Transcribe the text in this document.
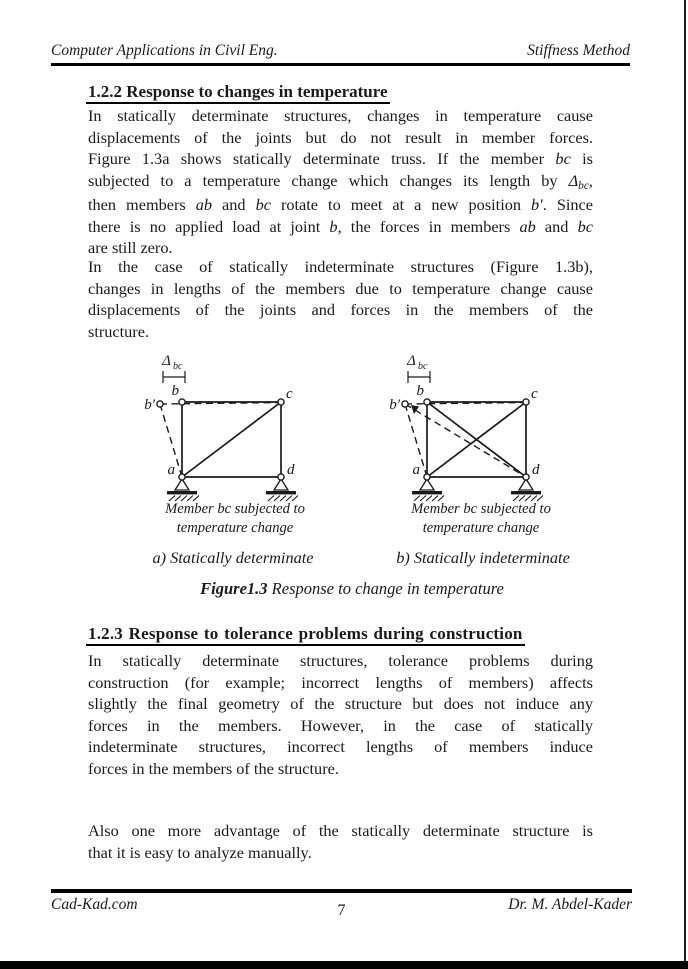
Computer Applications in Civil Eng.	Stiffness Method
1.2.2 Response to changes in temperature
In statically determinate structures, changes in temperature cause
displacements of the joints but do not result in member forces.
Figure 1.3a shows statically determinate truss. If the member bc is
subjected to a temperature change which changes its length by Δbc,
then members ab and bc rotate to meet at a new position b′. Since
there is no applied load at joint b, the forces in members ab and bc
are still zero.
In the case of statically indeterminate structures (Figure 1.3b),
changes in lengths of the members due to temperature change cause
displacements of the joints and forces in the members of the
structure.
Δ bc
b′
b	c
a	d
Δ bc
b′
b	c
a	d
Member bc subjected to
temperature change
Member bc subjected to
temperature change
a) Statically determinate	b) Statically indeterminate
Figure1.3 Response to change in temperature
1.2.3 Response to tolerance problems during construction
In statically determinate structures, tolerance problems during
construction (for example; incorrect lengths of members) affects
slightly the final geometry of the structure but does not induce any
forces in the members. However, in the case of statically
indeterminate structures, incorrect lengths of members induce
forces in the members of the structure.
Also one more advantage of the statically determinate structure is
that it is easy to analyze manually.
Cad-Kad.com	Dr. M. Abdel-Kader
7
